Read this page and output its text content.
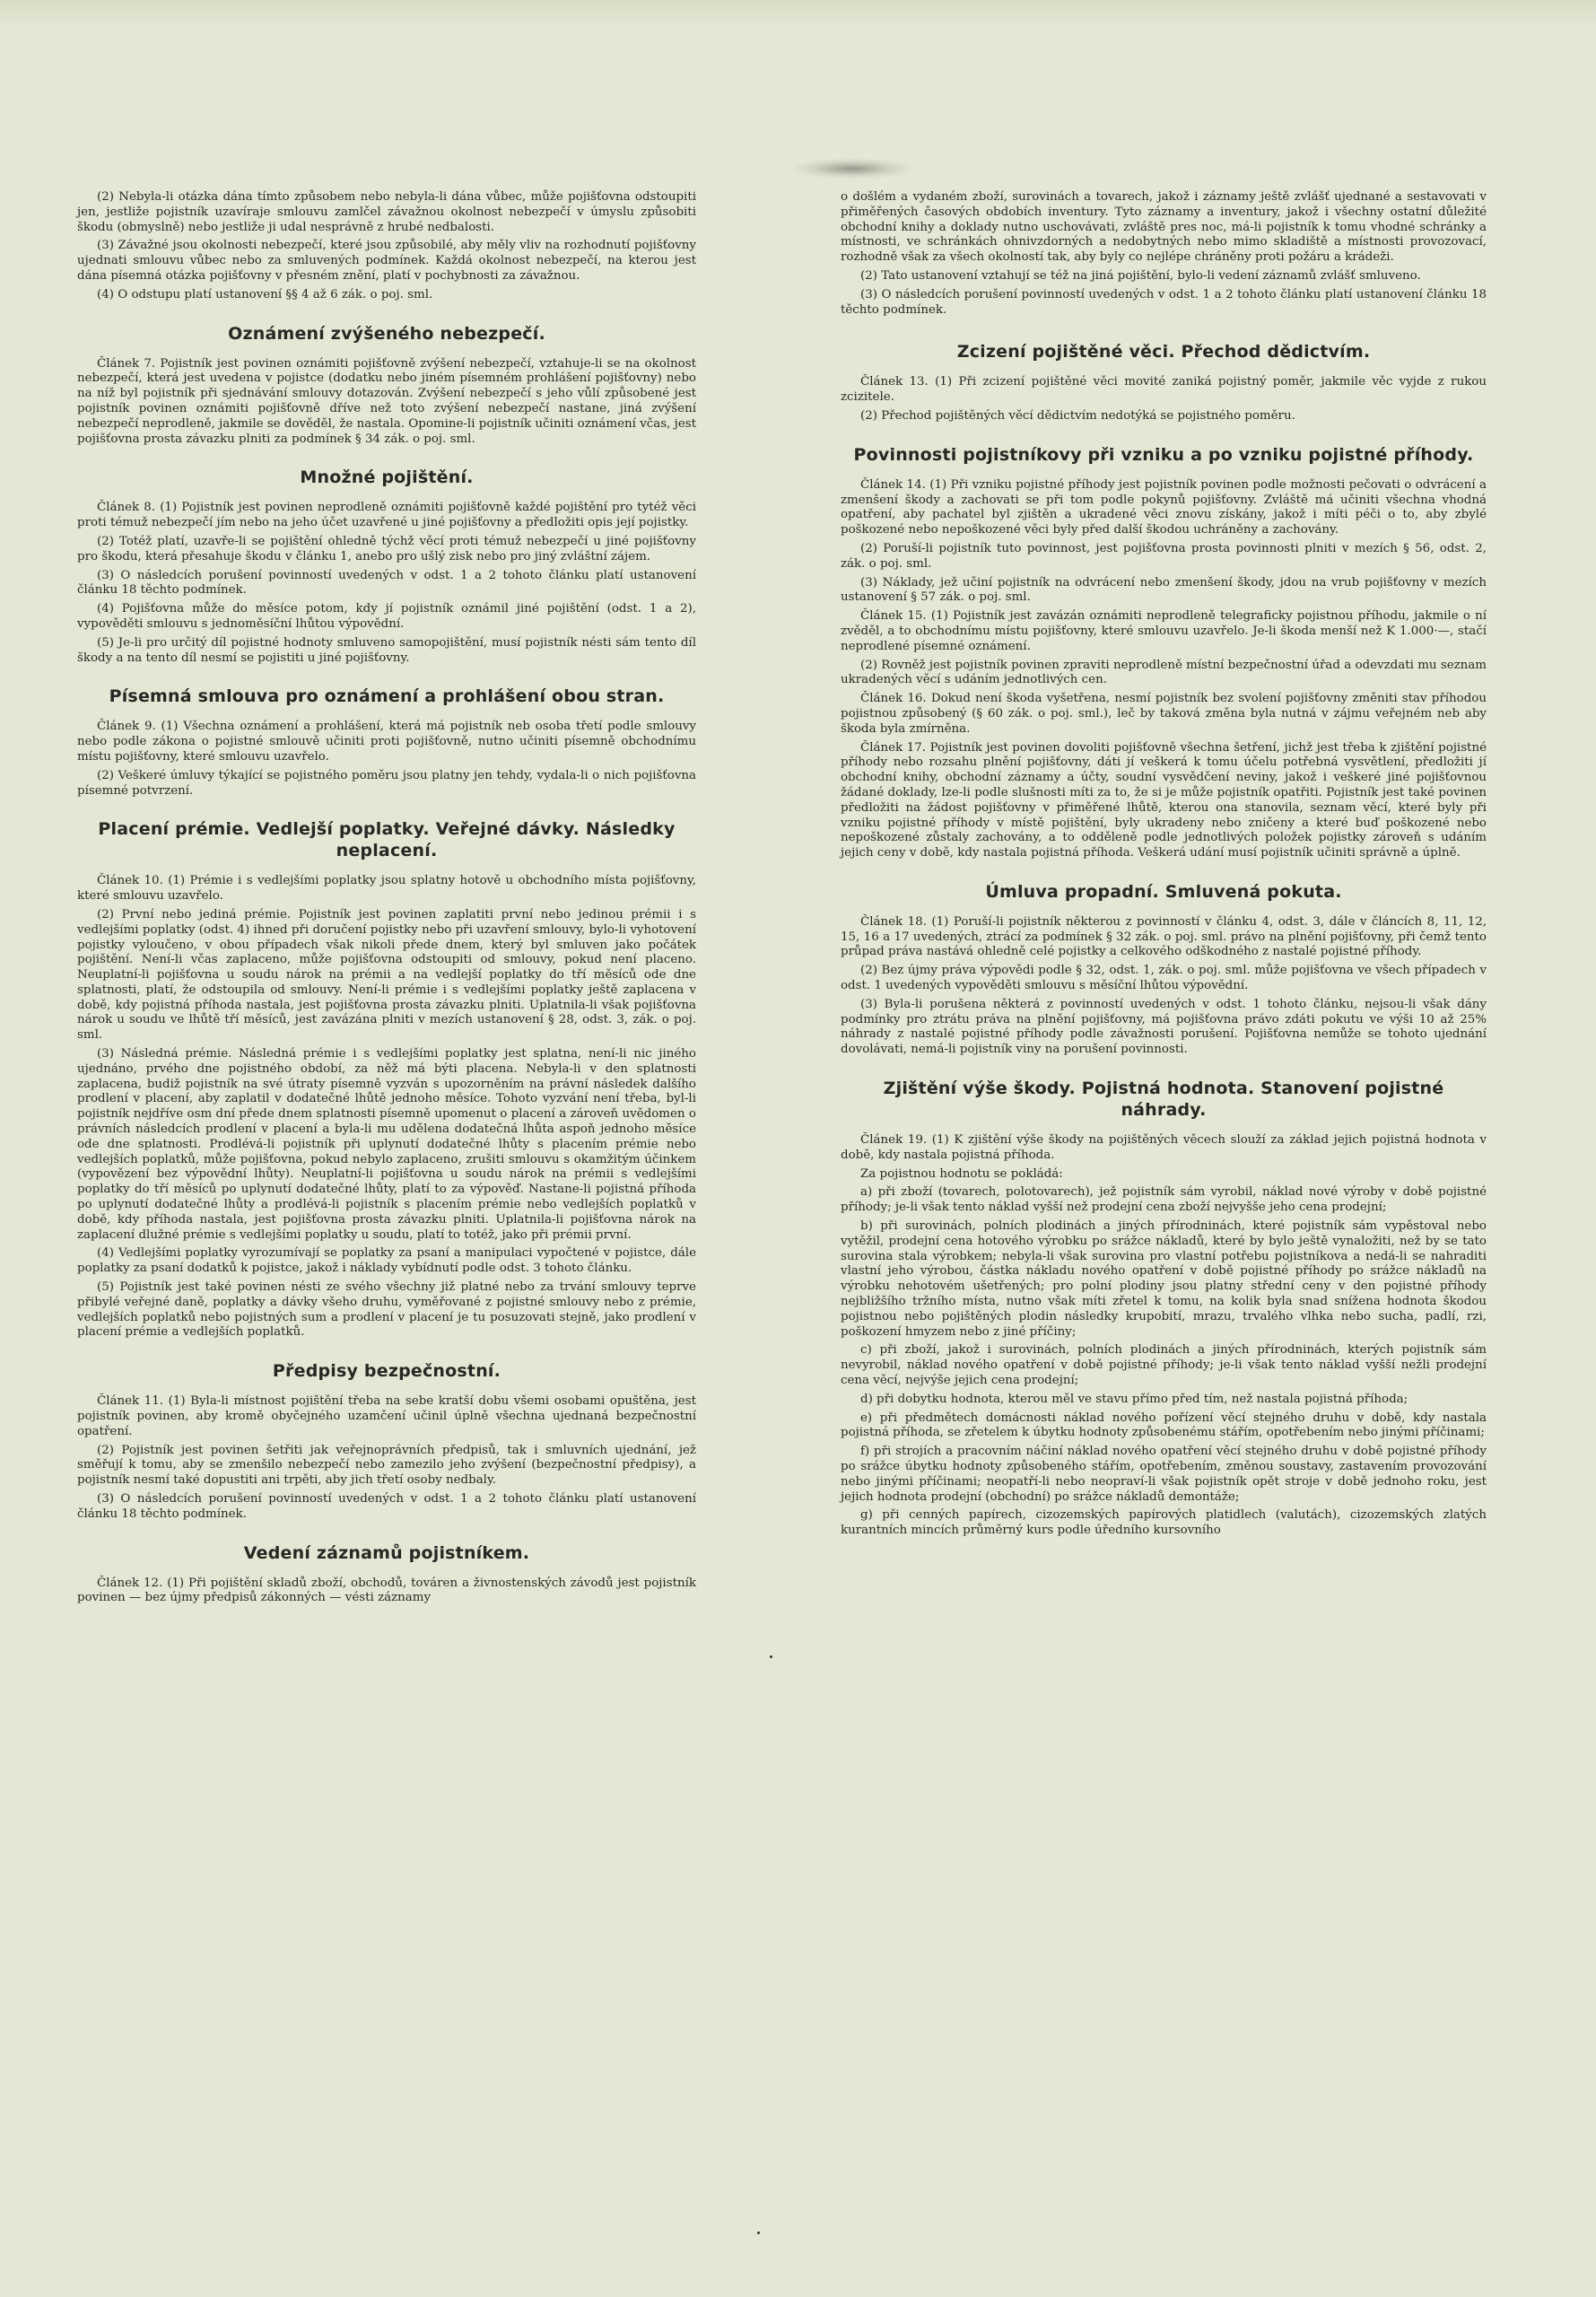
(2) Nebyla-li otázka dána tímto způsobem nebo nebyla-li dána vůbec, může pojišťovna odstoupiti jen, jestliže pojistník uzavíraje smlouvu zamlčel závažnou okolnost nebezpečí v úmyslu způsobiti škodu (obmyslně) nebo jestliže ji udal nesprávně z hrubé nedbalosti.

(3) Závažné jsou okolnosti nebezpečí, které jsou způsobilé, aby měly vliv na rozhodnutí pojišťovny ujednati smlouvu vůbec nebo za smluvených podmínek. Každá okolnost nebezpečí, na kterou jest dána písemná otázka pojišťovny v přesném znění, platí v pochybnosti za závažnou.

(4) O odstupu platí ustanovení §§ 4 až 6 zák. o poj. sml.

Oznámení zvýšeného nebezpečí.

Článek 7. Pojistník jest povinen oznámiti pojišťovně zvýšení nebezpečí, vztahuje-li se na okolnost nebezpečí, která jest uvedena v pojistce (dodatku nebo jiném písemném prohlášení pojišťovny) nebo na níž byl pojistník při sjednávání smlouvy dotazován. Zvýšení nebezpečí s jeho vůlí způsobené jest pojistník povinen oznámiti pojišťovně dříve než toto zvýšení nebezpečí nastane, jiná zvýšení nebezpečí neprodleně, jakmile se dověděl, že nastala. Opomine-li pojistník učiniti oznámení včas, jest pojišťovna prosta závazku plniti za podmínek § 34 zák. o poj. sml.

Množné pojištění.

Článek 8. (1) Pojistník jest povinen neprodleně oznámiti pojišťovně každé pojištění pro tytéž věci proti témuž nebezpečí jím nebo na jeho účet uzavřené u jiné pojišťovny a předložiti opis její pojistky.

(2) Totéž platí, uzavře-li se pojištění ohledně týchž věcí proti témuž nebezpečí u jiné pojišťovny pro škodu, která přesahuje škodu v článku 1, anebo pro ušlý zisk nebo pro jiný zvláštní zájem.

(3) O následcích porušení povinností uvedených v odst. 1 a 2 tohoto článku platí ustanovení článku 18 těchto podmínek.

(4) Pojišťovna může do měsíce potom, kdy jí pojistník oznámil jiné pojištění (odst. 1 a 2), vypověděti smlouvu s jednoměsíční lhůtou výpovědní.

(5) Je-li pro určitý díl pojistné hodnoty smluveno samopojištění, musí pojistník nésti sám tento díl škody a na tento díl nesmí se pojistiti u jiné pojišťovny.

Písemná smlouva pro oznámení a prohlášení obou stran.

Článek 9. (1) Všechna oznámení a prohlášení, která má pojistník neb osoba třetí podle smlouvy nebo podle zákona o pojistné smlouvě učiniti proti pojišťovně, nutno učiniti písemně obchodnímu místu pojišťovny, které smlouvu uzavřelo.

(2) Veškeré úmluvy týkající se pojistného poměru jsou platny jen tehdy, vydala-li o nich pojišťovna písemné potvrzení.

Placení prémie. Vedlejší poplatky. Veřejné dávky. Následky neplacení.

Článek 10. (1) Prémie i s vedlejšími poplatky jsou splatny hotově u obchodního místa pojišťovny, které smlouvu uzavřelo.

(2) První nebo jediná prémie. Pojistník jest povinen zaplatiti první nebo jedinou prémii i s vedlejšími poplatky (odst. 4) ihned při doručení pojistky nebo při uzavření smlouvy, bylo-li vyhotovení pojistky vyloučeno, v obou případech však nikoli přede dnem, který byl smluven jako počátek pojištění. Není-li včas zaplaceno, může pojišťovna odstoupiti od smlouvy, pokud není placeno. Neuplatní-li pojišťovna u soudu nárok na prémii a na vedlejší poplatky do tří měsíců ode dne splatnosti, platí, že odstoupila od smlouvy. Není-li prémie i s vedlejšími poplatky ještě zaplacena v době, kdy pojistná příhoda nastala, jest pojišťovna prosta závazku plniti. Uplatnila-li však pojišťovna nárok u soudu ve lhůtě tří měsíců, jest zavázána plniti v mezích ustanovení § 28, odst. 3, zák. o poj. sml.

(3) Následná prémie. Následná prémie i s vedlejšími poplatky jest splatna, není-li nic jiného ujednáno, prvého dne pojistného období, za něž má býti placena. Nebyla-li v den splatnosti zaplacena, budiž pojistník na své útraty písemně vyzván s upozorněním na právní následek dalšího prodlení v placení, aby zaplatil v dodatečné lhůtě jednoho měsíce. Tohoto vyzvání není třeba, byl-li pojistník nejdříve osm dní přede dnem splatnosti písemně upomenut o placení a zároveň uvědomen o právních následcích prodlení v placení a byla-li mu udělena dodatečná lhůta aspoň jednoho měsíce ode dne splatnosti. Prodlévá-li pojistník při uplynutí dodatečné lhůty s placením prémie nebo vedlejších poplatků, může pojišťovna, pokud nebylo zaplaceno, zrušiti smlouvu s okamžitým účinkem (vypovězení bez výpovědní lhůty). Neuplatní-li pojišťovna u soudu nárok na prémii s vedlejšími poplatky do tří měsíců po uplynutí dodatečné lhůty, platí to za výpověď. Nastane-li pojistná příhoda po uplynutí dodatečné lhůty a prodlévá-li pojistník s placením prémie nebo vedlejších poplatků v době, kdy příhoda nastala, jest pojišťovna prosta závazku plniti. Uplatnila-li pojišťovna nárok na zaplacení dlužné prémie s vedlejšími poplatky u soudu, platí to totéž, jako při prémii první.

(4) Vedlejšími poplatky vyrozumívají se poplatky za psaní a manipulaci vypočtené v pojistce, dále poplatky za psaní dodatků k pojistce, jakož i náklady vybídnutí podle odst. 3 tohoto článku.

(5) Pojistník jest také povinen nésti ze svého všechny již platné nebo za trvání smlouvy teprve přibylé veřejné daně, poplatky a dávky všeho druhu, vyměřované z pojistné smlouvy nebo z prémie, vedlejších poplatků nebo pojistných sum a prodlení v placení je tu posuzovati stejně, jako prodlení v placení prémie a vedlejších poplatků.

Předpisy bezpečnostní.

Článek 11. (1) Byla-li místnost pojištění třeba na sebe kratší dobu všemi osobami opuštěna, jest pojistník povinen, aby kromě obyčejného uzamčení učinil úplně všechna ujednaná bezpečnostní opatření.

(2) Pojistník jest povinen šetřiti jak veřejnoprávních předpisů, tak i smluvních ujednání, jež směřují k tomu, aby se zmenšilo nebezpečí nebo zamezilo jeho zvýšení (bezpečnostní předpisy), a pojistník nesmí také dopustiti ani trpěti, aby jich třetí osoby nedbaly.

(3) O následcích porušení povinností uvedených v odst. 1 a 2 tohoto článku platí ustanovení článku 18 těchto podmínek.

Vedení záznamů pojistníkem.

Článek 12. (1) Při pojištění skladů zboží, obchodů, továren a živnostenských závodů jest pojistník povinen — bez újmy předpisů zákonných — vésti záznamy

o došlém a vydaném zboží, surovinách a tovarech, jakož i záznamy ještě zvlášť ujednané a sestavovati v přiměřených časových obdobích inventury. Tyto záznamy a inventury, jakož i všechny ostatní důležité obchodní knihy a doklady nutno uschovávati, zvláště pres noc, má-li pojistník k tomu vhodné schránky a místnosti, ve schránkách ohnivzdorných a nedobytných nebo mimo skladiště a místnosti provozovací, rozhodně však za všech okolností tak, aby byly co nejlépe chráněny proti požáru a krádeži.

(2) Tato ustanovení vztahují se též na jiná pojištění, bylo-li vedení záznamů zvlášť smluveno.

(3) O následcích porušení povinností uvedených v odst. 1 a 2 tohoto článku platí ustanovení článku 18 těchto podmínek.

Zcizení pojištěné věci. Přechod dědictvím.

Článek 13. (1) Při zcizení pojištěné věci movité zaniká pojistný poměr, jakmile věc vyjde z rukou zcizitele.

(2) Přechod pojištěných věcí dědictvím nedotýká se pojistného poměru.

Povinnosti pojistníkovy při vzniku a po vzniku pojistné příhody.

Článek 14. (1) Při vzniku pojistné příhody jest pojistník povinen podle možnosti pečovati o odvrácení a zmenšení škody a zachovati se při tom podle pokynů pojišťovny. Zvláště má učiniti všechna vhodná opatření, aby pachatel byl zjištěn a ukradené věci znovu získány, jakož i míti péči o to, aby zbylé poškozené nebo nepoškozené věci byly před další škodou uchráněny a zachovány.

(2) Poruší-li pojistník tuto povinnost, jest pojišťovna prosta povinnosti plniti v mezích § 56, odst. 2, zák. o poj. sml.

(3) Náklady, jež učiní pojistník na odvrácení nebo zmenšení škody, jdou na vrub pojišťovny v mezích ustanovení § 57 zák. o poj. sml.

Článek 15. (1) Pojistník jest zavázán oznámiti neprodleně telegraficky pojistnou příhodu, jakmile o ní zvěděl, a to obchodnímu místu pojišťovny, které smlouvu uzavřelo. Je-li škoda menší než K 1.000·—, stačí neprodlené písemné oznámení.

(2) Rovněž jest pojistník povinen zpraviti neprodleně místní bezpečnostní úřad a odevzdati mu seznam ukradených věcí s udáním jednotlivých cen.

Článek 16. Dokud není škoda vyšetřena, nesmí pojistník bez svolení pojišťovny změniti stav příhodou pojistnou způsobený (§ 60 zák. o poj. sml.), leč by taková změna byla nutná v zájmu veřejném neb aby škoda byla zmírněna.

Článek 17. Pojistník jest povinen dovoliti pojišťovně všechna šetření, jichž jest třeba k zjištění pojistné příhody nebo rozsahu plnění pojišťovny, dáti jí veškerá k tomu účelu potřebná vysvětlení, předložiti jí obchodní knihy, obchodní záznamy a účty, soudní vysvědčení neviny, jakož i veškeré jiné pojišťovnou žádané doklady, lze-li podle slušnosti míti za to, že si je může pojistník opatřiti. Pojistník jest také povinen předložiti na žádost pojišťovny v přiměřené lhůtě, kterou ona stanovila, seznam věcí, které byly při vzniku pojistné příhody v místě pojištění, byly ukradeny nebo zničeny a které buď poškozené nebo nepoškozené zůstaly zachovány, a to odděleně podle jednotlivých položek pojistky zároveň s udáním jejich ceny v době, kdy nastala pojistná příhoda. Veškerá udání musí pojistník učiniti správně a úplně.

Úmluva propadní. Smluvená pokuta.

Článek 18. (1) Poruší-li pojistník některou z povinností v článku 4, odst. 3, dále v článcích 8, 11, 12, 15, 16 a 17 uvedených, ztrácí za podmínek § 32 zák. o poj. sml. právo na plnění pojišťovny, při čemž tento průpad práva nastává ohledně celé pojistky a celkového odškodného z nastalé pojistné příhody.

(2) Bez újmy práva výpovědi podle § 32, odst. 1, zák. o poj. sml. může pojišťovna ve všech případech v odst. 1 uvedených vypověděti smlouvu s měsíční lhůtou výpovědní.

(3) Byla-li porušena některá z povinností uvedených v odst. 1 tohoto článku, nejsou-li však dány podmínky pro ztrátu práva na plnění pojišťovny, má pojišťovna právo zdáti pokutu ve výši 10 až 25% náhrady z nastalé pojistné příhody podle závažnosti porušení. Pojišťovna nemůže se tohoto ujednání dovolávati, nemá-li pojistník viny na porušení povinnosti.

Zjištění výše škody. Pojistná hodnota. Stanovení pojistné náhrady.

Článek 19. (1) K zjištění výše škody na pojištěných věcech slouží za základ jejich pojistná hodnota v době, kdy nastala pojistná příhoda.

Za pojistnou hodnotu se pokládá:

a) při zboží (tovarech, polotovarech), jež pojistník sám vyrobil, náklad nové výroby v době pojistné příhody; je-li však tento náklad vyšší než prodejní cena zboží nejvyšše jeho cena prodejní;

b) při surovinách, polních plodinách a jiných přírodninách, které pojistník sám vypěstoval nebo vytěžil, prodejní cena hotového výrobku po srážce nákladů, které by bylo ještě vynaložiti, než by se tato surovina stala výrobkem; nebyla-li však surovina pro vlastní potřebu pojistníkova a nedá-li se nahraditi vlastní jeho výrobou, částka nákladu nového opatření v době pojistné příhody po srážce nákladů na výrobku nehotovém ušetřených; pro polní plodiny jsou platny střední ceny v den pojistné příhody nejbližšího tržního místa, nutno však míti zřetel k tomu, na kolik byla snad snížena hodnota škodou pojistnou nebo pojištěných plodin následky krupobití, mrazu, trvalého vlhka nebo sucha, padlí, rzi, poškození hmyzem nebo z jiné příčiny;

c) při zboží, jakož i surovinách, polních plodinách a jiných přírodninách, kterých pojistník sám nevyrobil, náklad nového opatření v době pojistné příhody; je-li však tento náklad vyšší nežli prodejní cena věcí, nejvýše jejich cena prodejní;

d) při dobytku hodnota, kterou měl ve stavu přímo před tím, než nastala pojistná příhoda;

e) při předmětech domácnosti náklad nového pořízení věcí stejného druhu v době, kdy nastala pojistná příhoda, se zřetelem k úbytku hodnoty způsobenému stářím, opotřebením nebo jinými příčinami;

f) při strojích a pracovním náčiní náklad nového opatření věcí stejného druhu v době pojistné příhody po srážce úbytku hodnoty způsobeného stářím, opotřebením, změnou soustavy, zastavením provozování nebo jinými příčinami; neopatří-li nebo neopraví-li však pojistník opět stroje v době jednoho roku, jest jejich hodnota prodejní (obchodní) po srážce nákladů demontáže;

g) při cenných papírech, cizozemských papírových platidlech (valutách), cizozemských zlatých kurantních mincích průměrný kurs podle úředního kursovního
